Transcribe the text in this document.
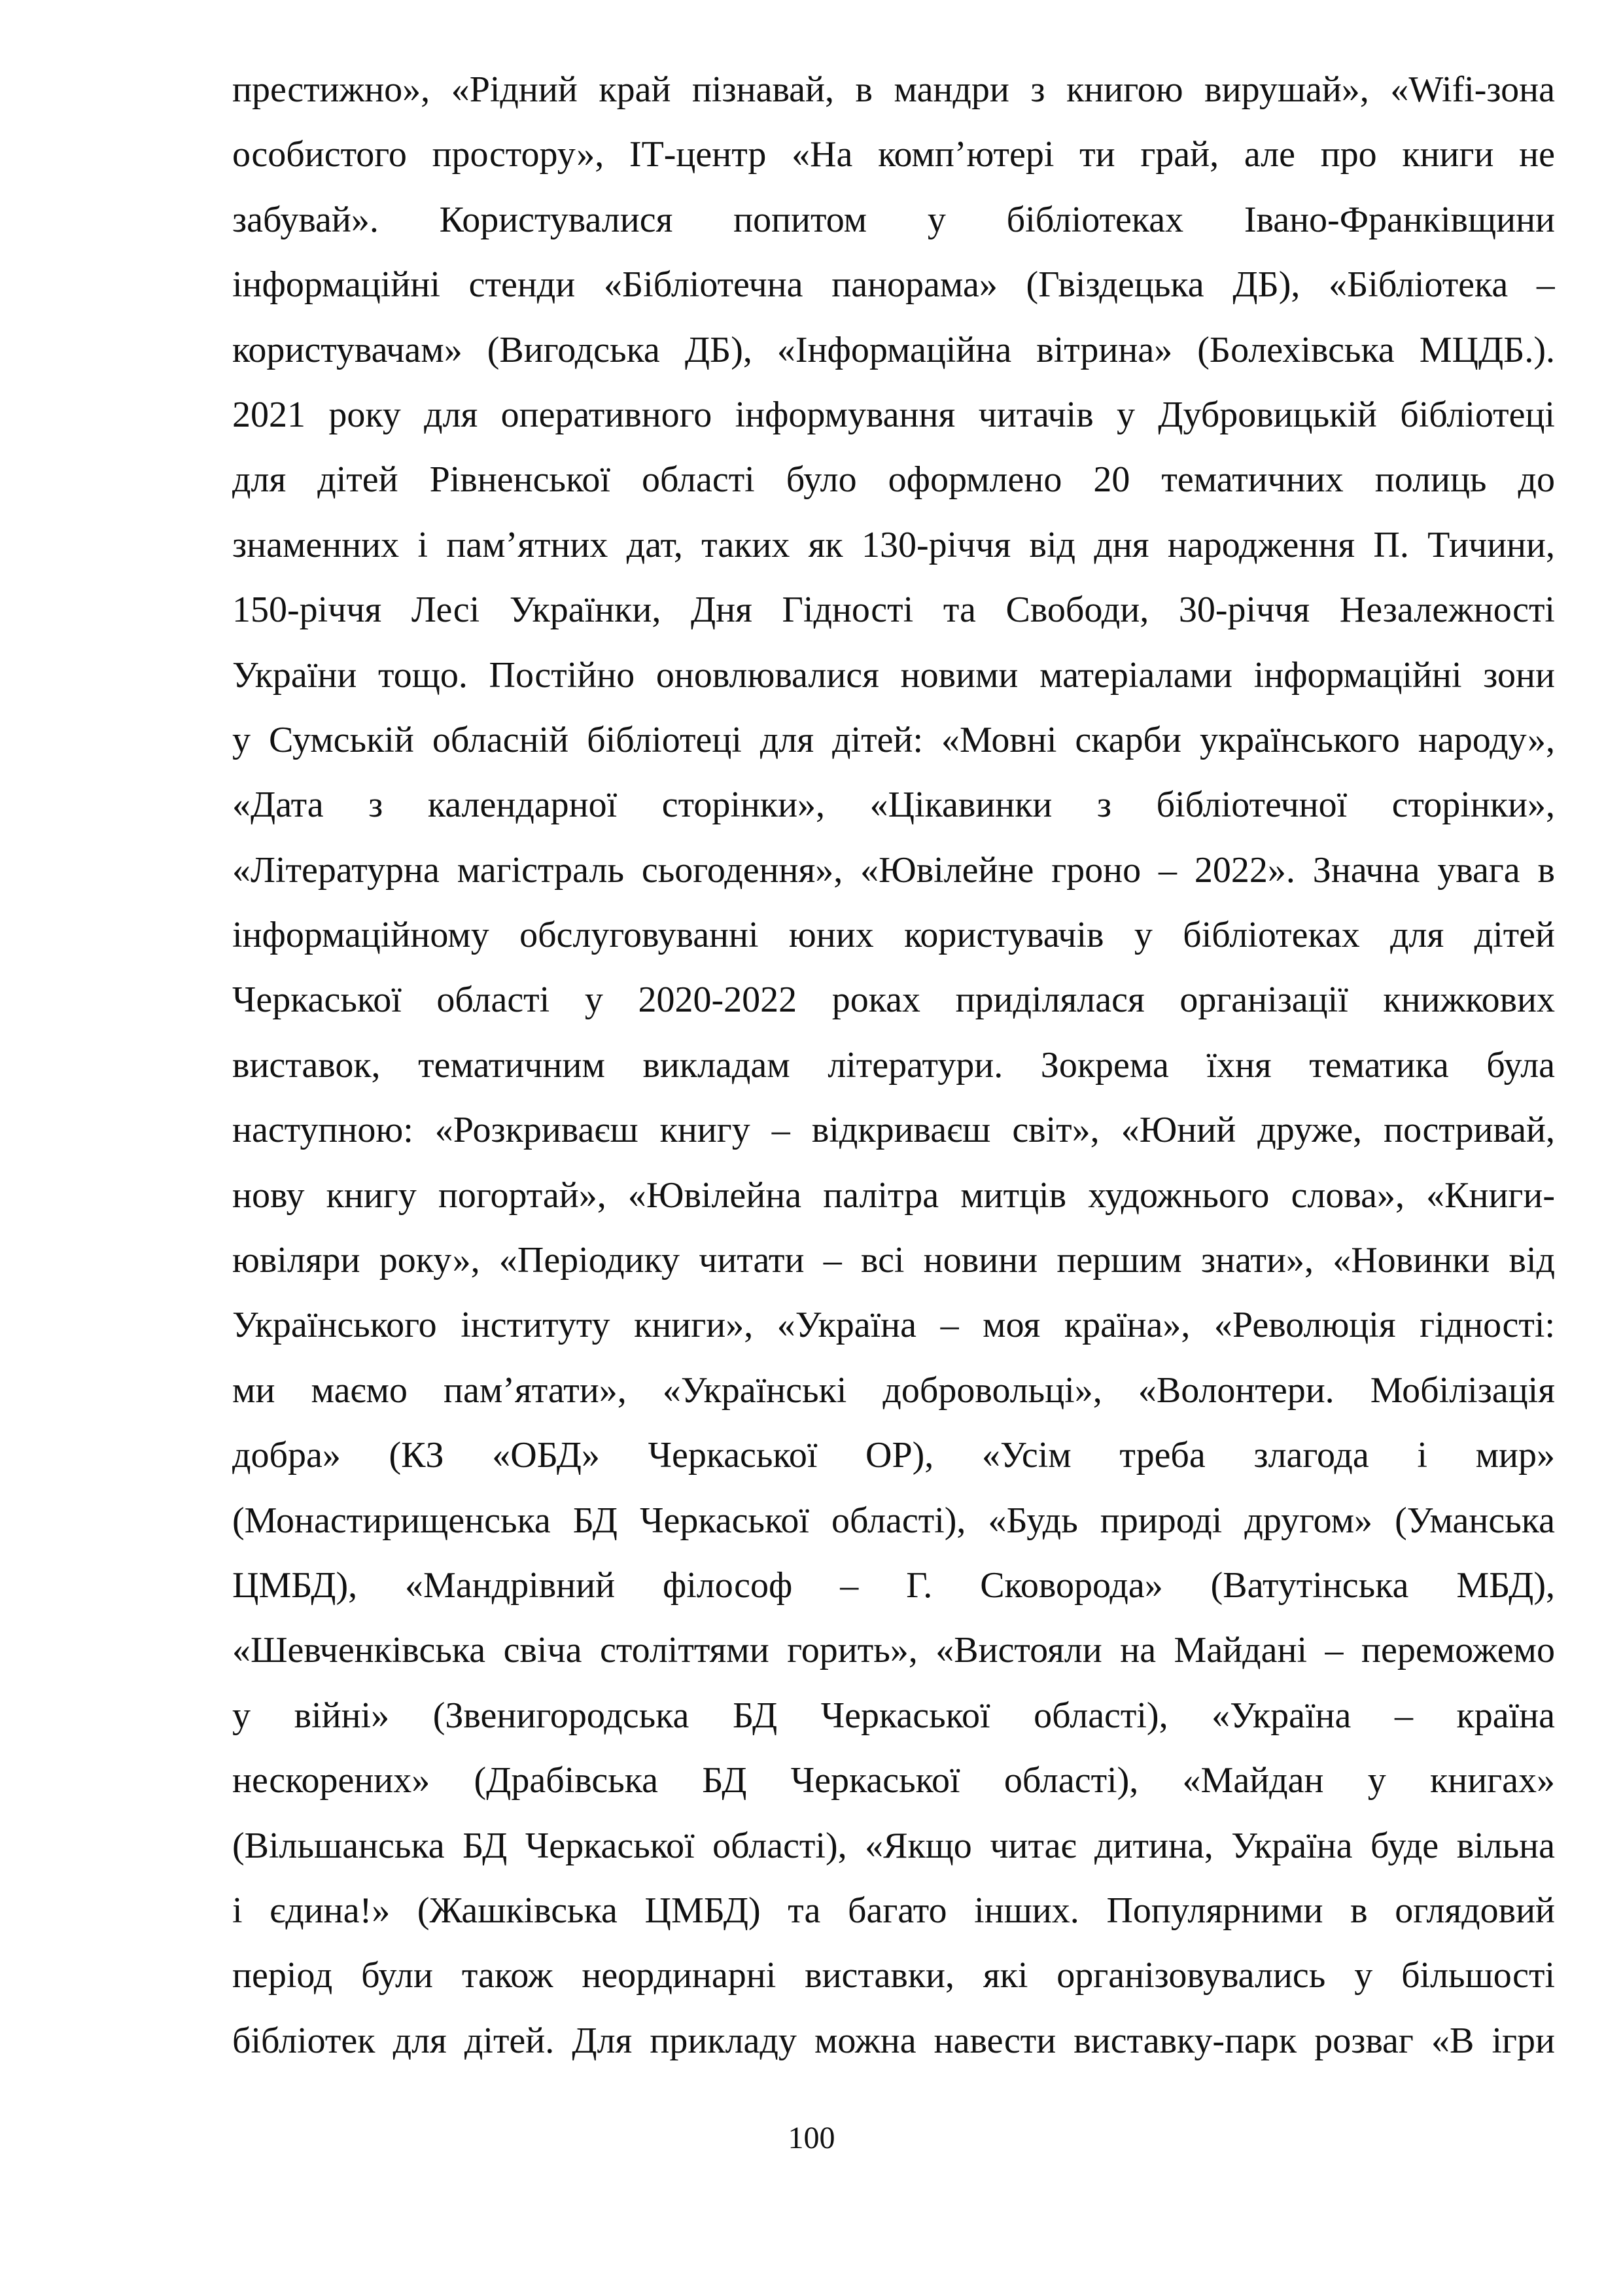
престижно», «Рідний край пізнавай, в мандри з книгою вирушай», «Wifi-зона
особистого простору», ІТ-центр «На комп’ютері ти грай, але про книги не
забувай». Користувалися попитом у бібліотеках Івано-Франківщини
інформаційні стенди «Бібліотечна панорама» (Гвіздецька ДБ), «Бібліотека –
користувачам» (Вигодська ДБ), «Інформаційна вітрина» (Болехівська МЦДБ.).
2021 року для оперативного інформування читачів у Дубровицькій бібліотеці
для дітей Рівненської області було оформлено 20 тематичних полиць до
знаменних і пам’ятних дат, таких як 130-річчя від дня народження П. Тичини,
150-річчя Лесі Українки, Дня Гідності та Свободи, 30-річчя Незалежності
України тощо. Постійно оновлювалися новими матеріалами інформаційні зони
у Сумській обласній бібліотеці для дітей: «Мовні скарби українського народу»,
«Дата з календарної сторінки», «Цікавинки з бібліотечної сторінки»,
«Літературна магістраль сьогодення», «Ювілейне гроно – 2022». Значна увага в
інформаційному обслуговуванні юних користувачів у бібліотеках для дітей
Черкаської області у 2020-2022 роках приділялася організації книжкових
виставок, тематичним викладам літератури. Зокрема їхня тематика була
наступною: «Розкриваєш книгу – відкриваєш світ», «Юний друже, постривай,
нову книгу погортай», «Ювілейна палітра митців художнього слова», «Книги-
ювіляри року», «Періодику читати – всі новини першим знати», «Новинки від
Українського інституту книги», «Україна – моя країна», «Революція гідності:
ми маємо пам’ятати», «Українські добровольці», «Волонтери. Мобілізація
добра» (КЗ «ОБД» Черкаської ОР), «Усім треба злагода і мир»
(Монастирищенська БД Черкаської області), «Будь природі другом» (Уманська
ЦМБД), «Мандрівний філософ – Г. Сковорода» (Ватутінська МБД),
«Шевченківська свіча століттями горить», «Вистояли на Майдані – переможемо
у війні» (Звенигородська БД Черкаської області), «Україна – країна
нескорених» (Драбівська БД Черкаської області), «Майдан у книгах»
(Вільшанська БД Черкаської області), «Якщо читає дитина, Україна буде вільна
і єдина!» (Жашківська ЦМБД) та багато інших. Популярними в оглядовий
період були також неординарні виставки, які організовувались у більшості
бібліотек для дітей. Для прикладу можна навести виставку-парк розваг «В ігри
100
